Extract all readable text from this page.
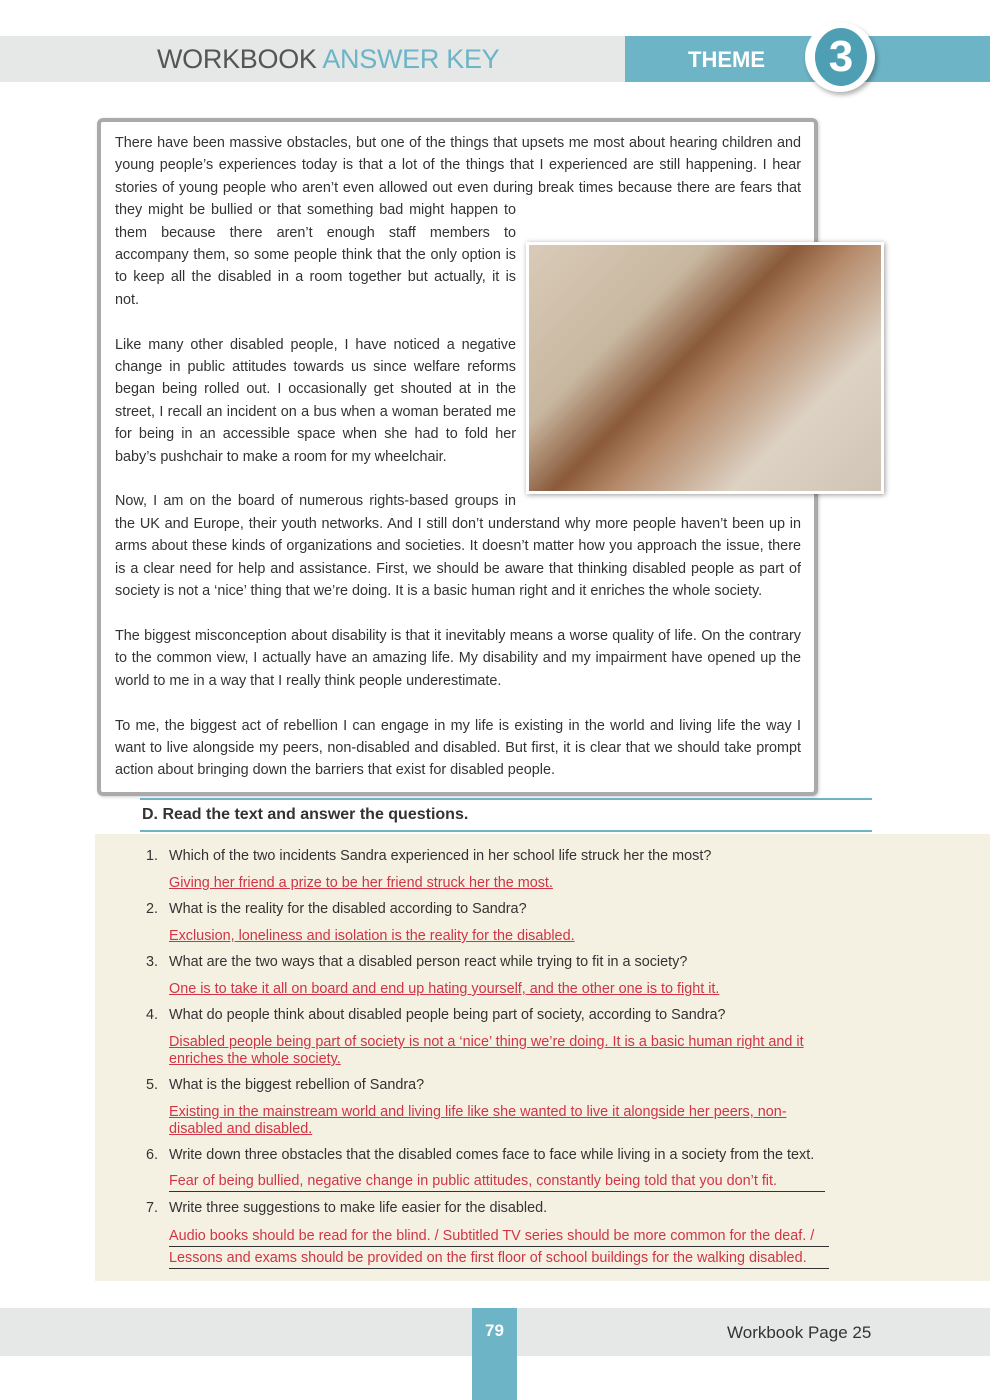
WORKBOOK ANSWER KEY	THEME	3

There have been massive obstacles, but one of the things that upsets me most about hearing children and young people’s experiences today is that a lot of the things that I experienced are still happening. I hear stories of young people who aren’t even allowed out even during break times because there are fears that they might be bullied or that something bad might happen to them because there aren’t enough staff members to accompany them, so some people think that the only option is to keep all the disabled in a room together but actually, it is not.

Like many other disabled people, I have noticed a negative change in public attitudes towards us since welfare reforms began being rolled out. I occasionally get shouted at in the street, I recall an incident on a bus when a woman berated me for being in an accessible space when she had to fold her baby’s pushchair to make a room for my wheelchair.

Now, I am on the board of numerous rights-based groups in the UK and Europe, their youth networks. And I still don’t understand why more people haven’t been up in arms about these kinds of organizations and societies. It doesn’t matter how you approach the issue, there is a clear need for help and assistance. First, we should be aware that thinking disabled people as part of society is not a ‘nice’ thing that we’re doing. It is a basic human right and it enriches the whole society.

The biggest misconception about disability is that it inevitably means a worse quality of life. On the contrary to the common view, I actually have an amazing life. My disability and my impairment have opened up the world to me in a way that I really think people underestimate.

To me, the biggest act of rebellion I can engage in my life is existing in the world and living life the way I want to live alongside my peers, non-disabled and disabled. But first, it is clear that we should take prompt action about bringing down the barriers that exist for disabled people.

D. Read the text and answer the questions.
1. Which of the two incidents Sandra experienced in her school life struck her the most?
Giving her friend a prize to be her friend struck her the most.
2. What is the reality for the disabled according to Sandra?
Exclusion, loneliness and isolation is the reality for the disabled.
3. What are the two ways that a disabled person react while trying to fit in a society?
One is to take it all on board and end up hating yourself, and the other one is to fight it.
4. What do people think about disabled people being part of society, according to Sandra?
Disabled people being part of society is not a ‘nice’ thing we’re doing. It is a basic human right and it enriches the whole society.
5. What is the biggest rebellion of Sandra?
Existing in the mainstream world and living life like she wanted to live it alongside her peers, non-disabled and disabled.
6. Write down three obstacles that the disabled comes face to face while living in a society from the text.
Fear of being bullied, negative change in public attitudes, constantly being told that you don’t fit.
7. Write three suggestions to make life easier for the disabled.
Audio books should be read for the blind. / Subtitled TV series should be more common for the deaf. /
Lessons and exams should be provided on the first floor of school buildings for the walking disabled.
79	Workbook Page 25
